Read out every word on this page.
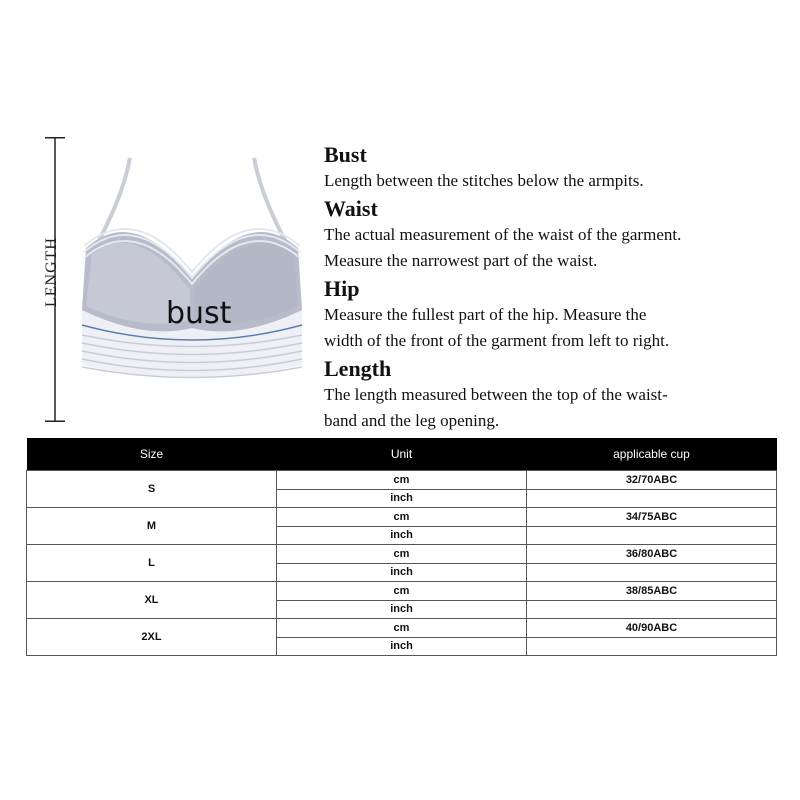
LENGTH
bust

Bust

Length between the stitches below the armpits.

Waist

The actual measurement of the waist of the garment.

Measure the narrowest part of the waist.

Hip

Measure the fullest part of the hip. Measure the

width of the front of the garment from left to right.

Length

The length measured between the top of the waist-

band and the leg opening.

Size	Unit	applicable cup
S	cm	32/70ABC
	inch	
M	cm	34/75ABC
	inch	
L	cm	36/80ABC
	inch	
XL	cm	38/85ABC
	inch	
2XL	cm	40/90ABC
	inch	
